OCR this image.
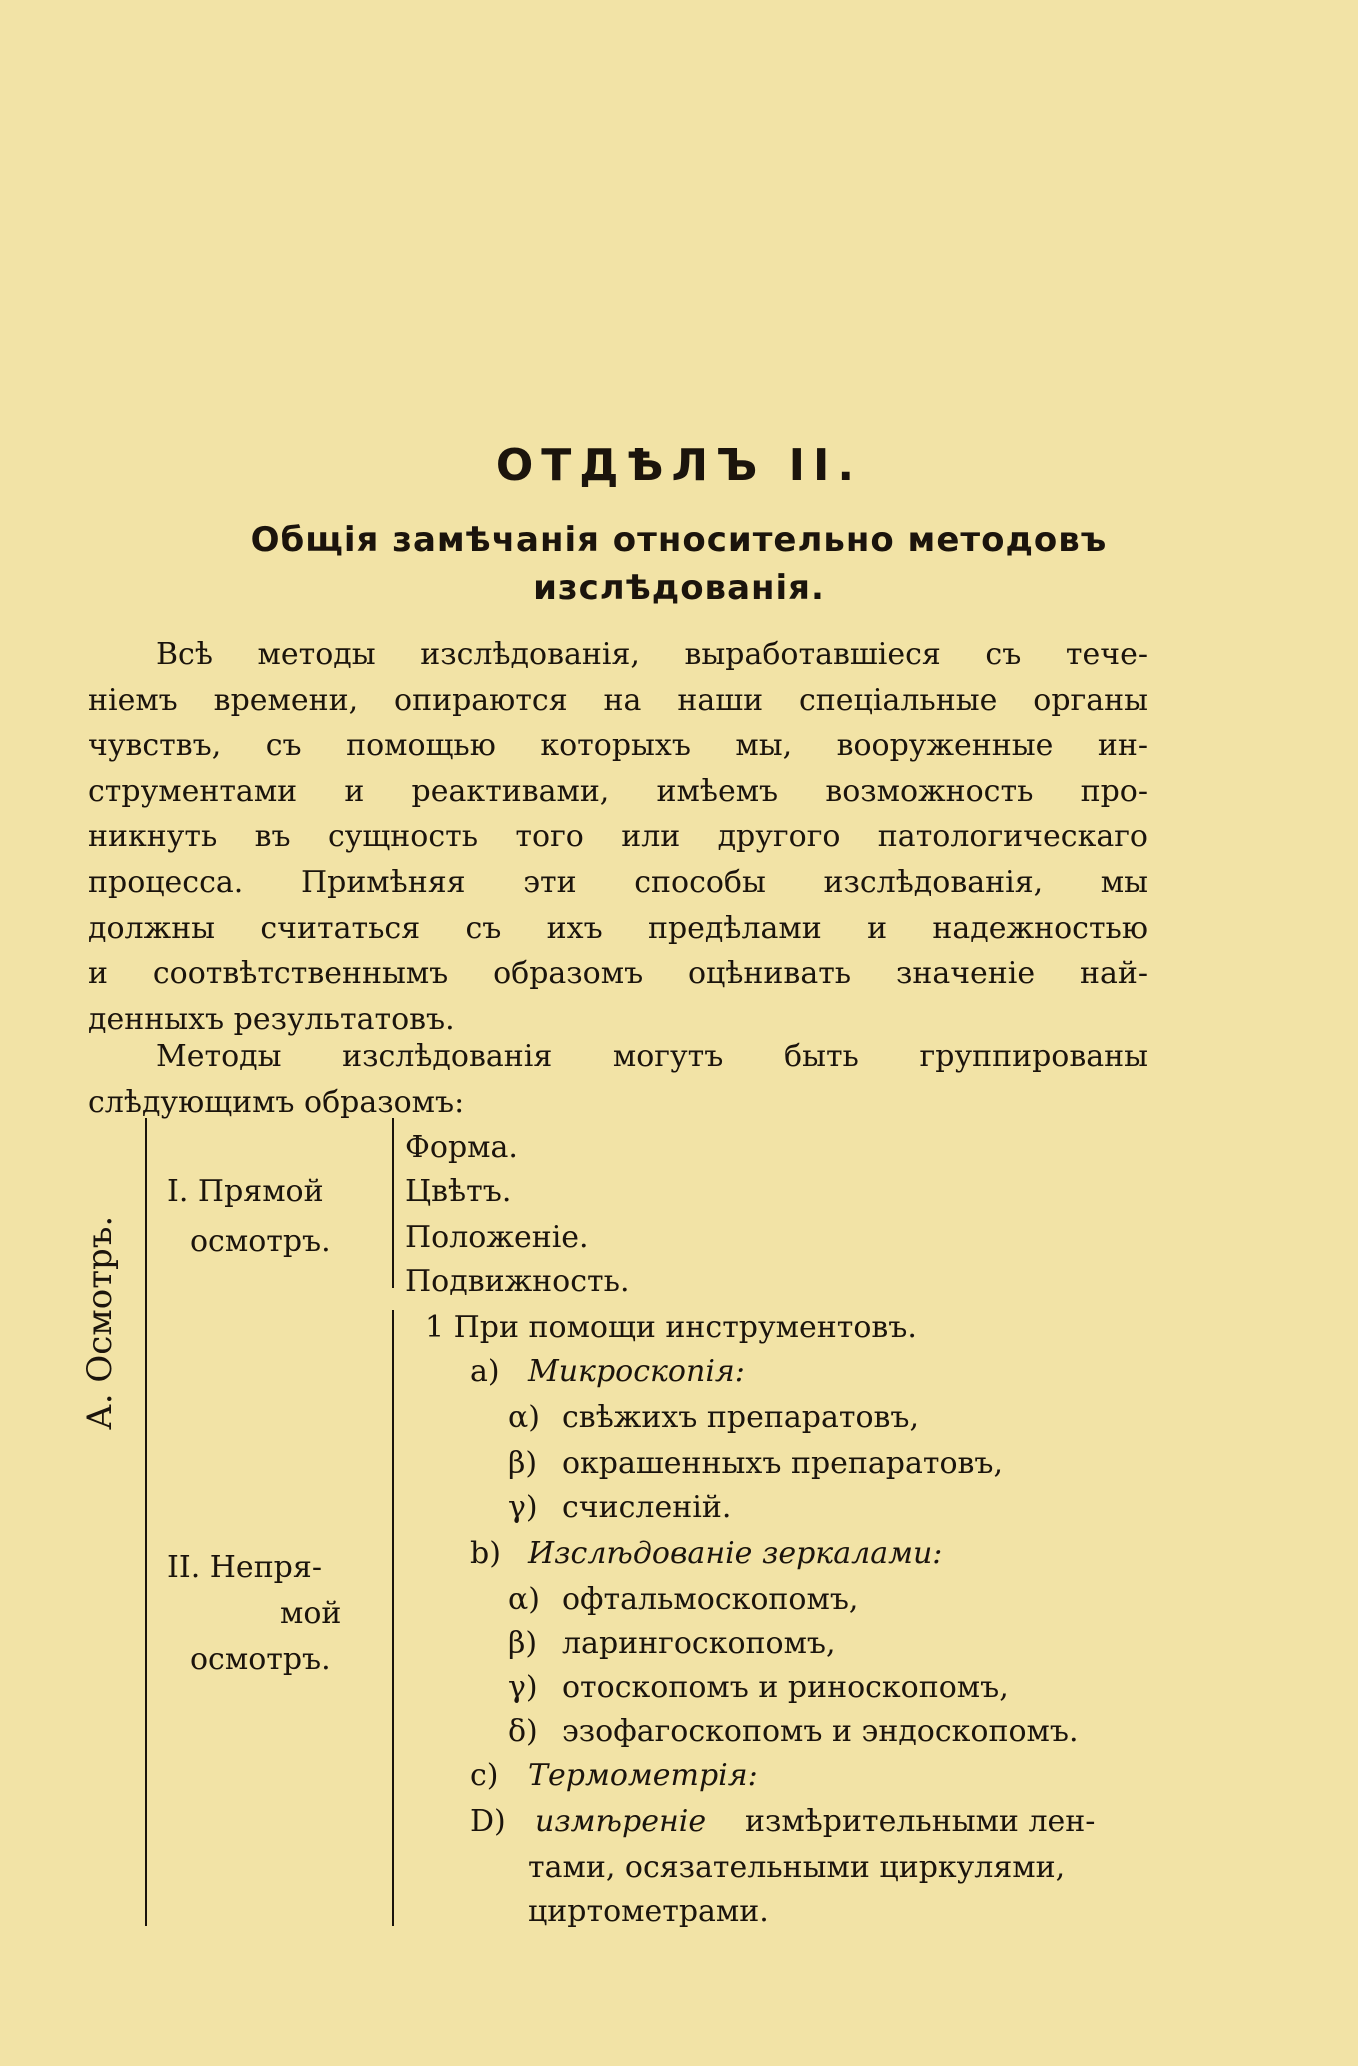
ОТДѢЛЪ II.
Общія замѣчанія относительно методовъ
изслѣдованія.
Всѣ методы изслѣдованія, выработавшіеся съ тече-
ніемъ времени, опираются на наши спеціальные органы
чувствъ, съ помощью которыхъ мы, вооруженные ин-
струментами и реактивами, имѣемъ возможность про-
никнуть въ сущность того или другого патологическаго
процесса. Примѣняя эти способы изслѣдованія, мы
должны считаться съ ихъ предѣлами и надежностью
и соотвѣтственнымъ образомъ оцѣнивать значеніе най-
денныхъ результатовъ.
Методы изслѣдованія могутъ быть группированы
слѣдующимъ образомъ:
А. Осмотръ.
I. Прямой
осмотръ.
Форма.
Цвѣтъ.
Положеніе.
Подвижность.
II. Непря-
мой
осмотръ.
1 При помощи инструментовъ.
a) Микроскопія:
α) свѣжихъ препаратовъ,
β) окрашенныхъ препаратовъ,
γ) счисленій.
b) Изслѣдованіе зеркалами:
α) офтальмоскопомъ,
β) ларингоскопомъ,
γ) отоскопомъ и риноскопомъ,
δ) эзофагоскопомъ и эндоскопомъ.
c) Термометрія:
D) измѣреніе измѣрительными лен-
тами, осязательными циркулями,
циртометрами.
